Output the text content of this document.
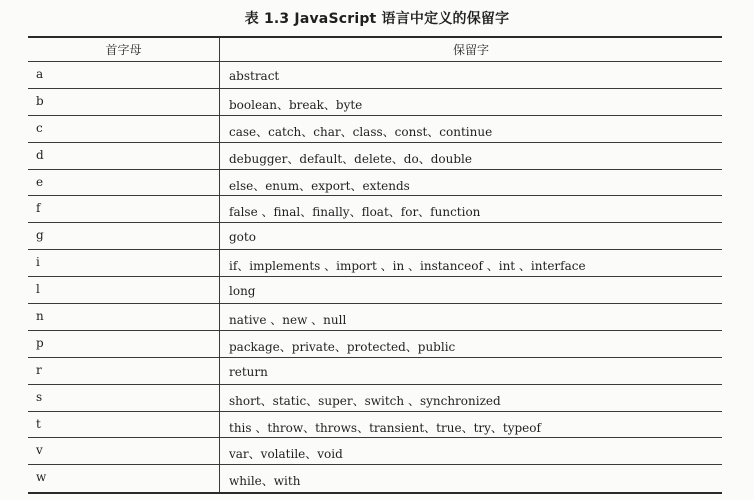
表 1.3 JavaScript 语言中定义的保留字
首字母	保留字
a	abstract
b	boolean、break、byte
c	case、catch、char、class、const、continue
d	debugger、default、delete、do、double
e	else、enum、export、extends
f	false 、final、finally、float、for、function
g	goto
i	if、implements 、import 、in 、instanceof 、int 、interface
l	long
n	native 、new 、null
p	package、private、protected、public
r	return
s	short、static、super、switch 、synchronized
t	this 、throw、throws、transient、true、try、typeof
v	var、volatile、void
w	while、with
